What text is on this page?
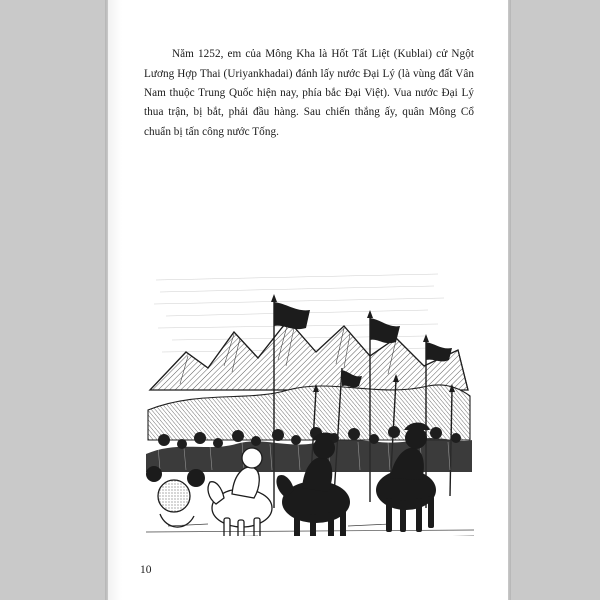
Năm 1252, em của Mông Kha là Hốt Tất Liệt (Kublai) cử Ngột Lương Hợp Thai (Uriyankhadai) đánh lấy nước Đại Lý (là vùng đất Vân Nam thuộc Trung Quốc hiện nay, phía bắc Đại Việt). Vua nước Đại Lý thua trận, bị bắt, phải đầu hàng. Sau chiến thắng ấy, quân Mông Cổ chuẩn bị tấn công nước Tống.

10
